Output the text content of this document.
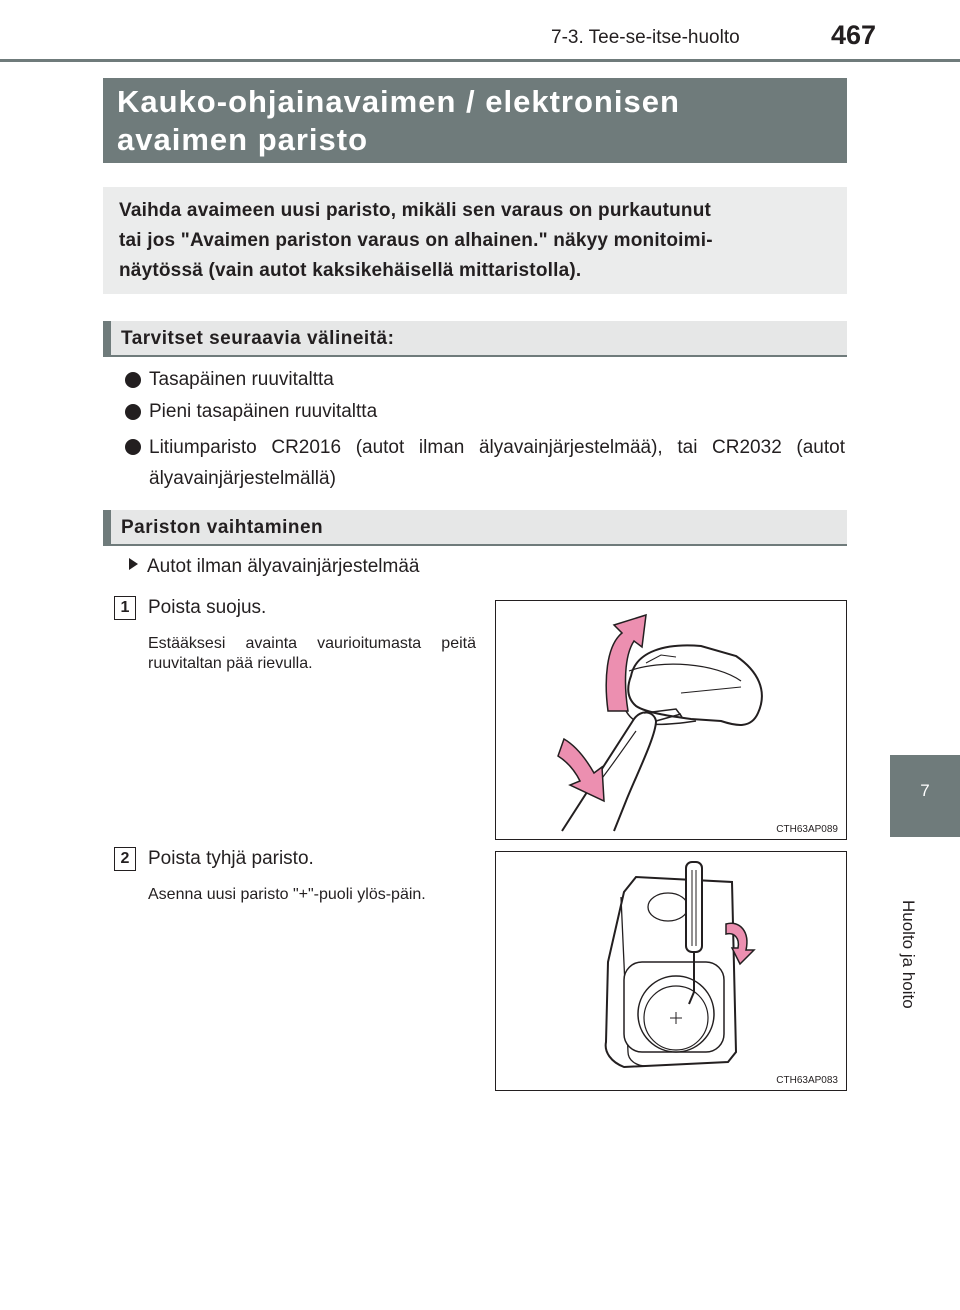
7-3. Tee-se-itse-huolto	467
7
Huolto ja hoito
Kauko-ohjainavaimen / elektronisen
avaimen paristo
Vaihda avaimeen uusi paristo, mikäli sen varaus on purkautunut
tai jos "Avaimen pariston varaus on alhainen." näkyy monitoimi-
näytössä (vain autot kaksikehäisellä mittaristolla).
Tarvitset seuraavia välineitä:
Tasapäinen ruuvitaltta
Pieni tasapäinen ruuvitaltta
Litiumparisto CR2016 (autot ilman älyavainjärjestelmää), tai CR2032 (autot älyavainjärjestelmällä)
Pariston vaihtaminen
Autot ilman älyavainjärjestelmää
1 Poista suojus.
Estääksesi avainta vaurioitumasta peitä ruuvitaltan pää rievulla.
CTH63AP089
2 Poista tyhjä paristo.
Asenna uusi paristo "+"-puoli ylös-päin.
CTH63AP083
